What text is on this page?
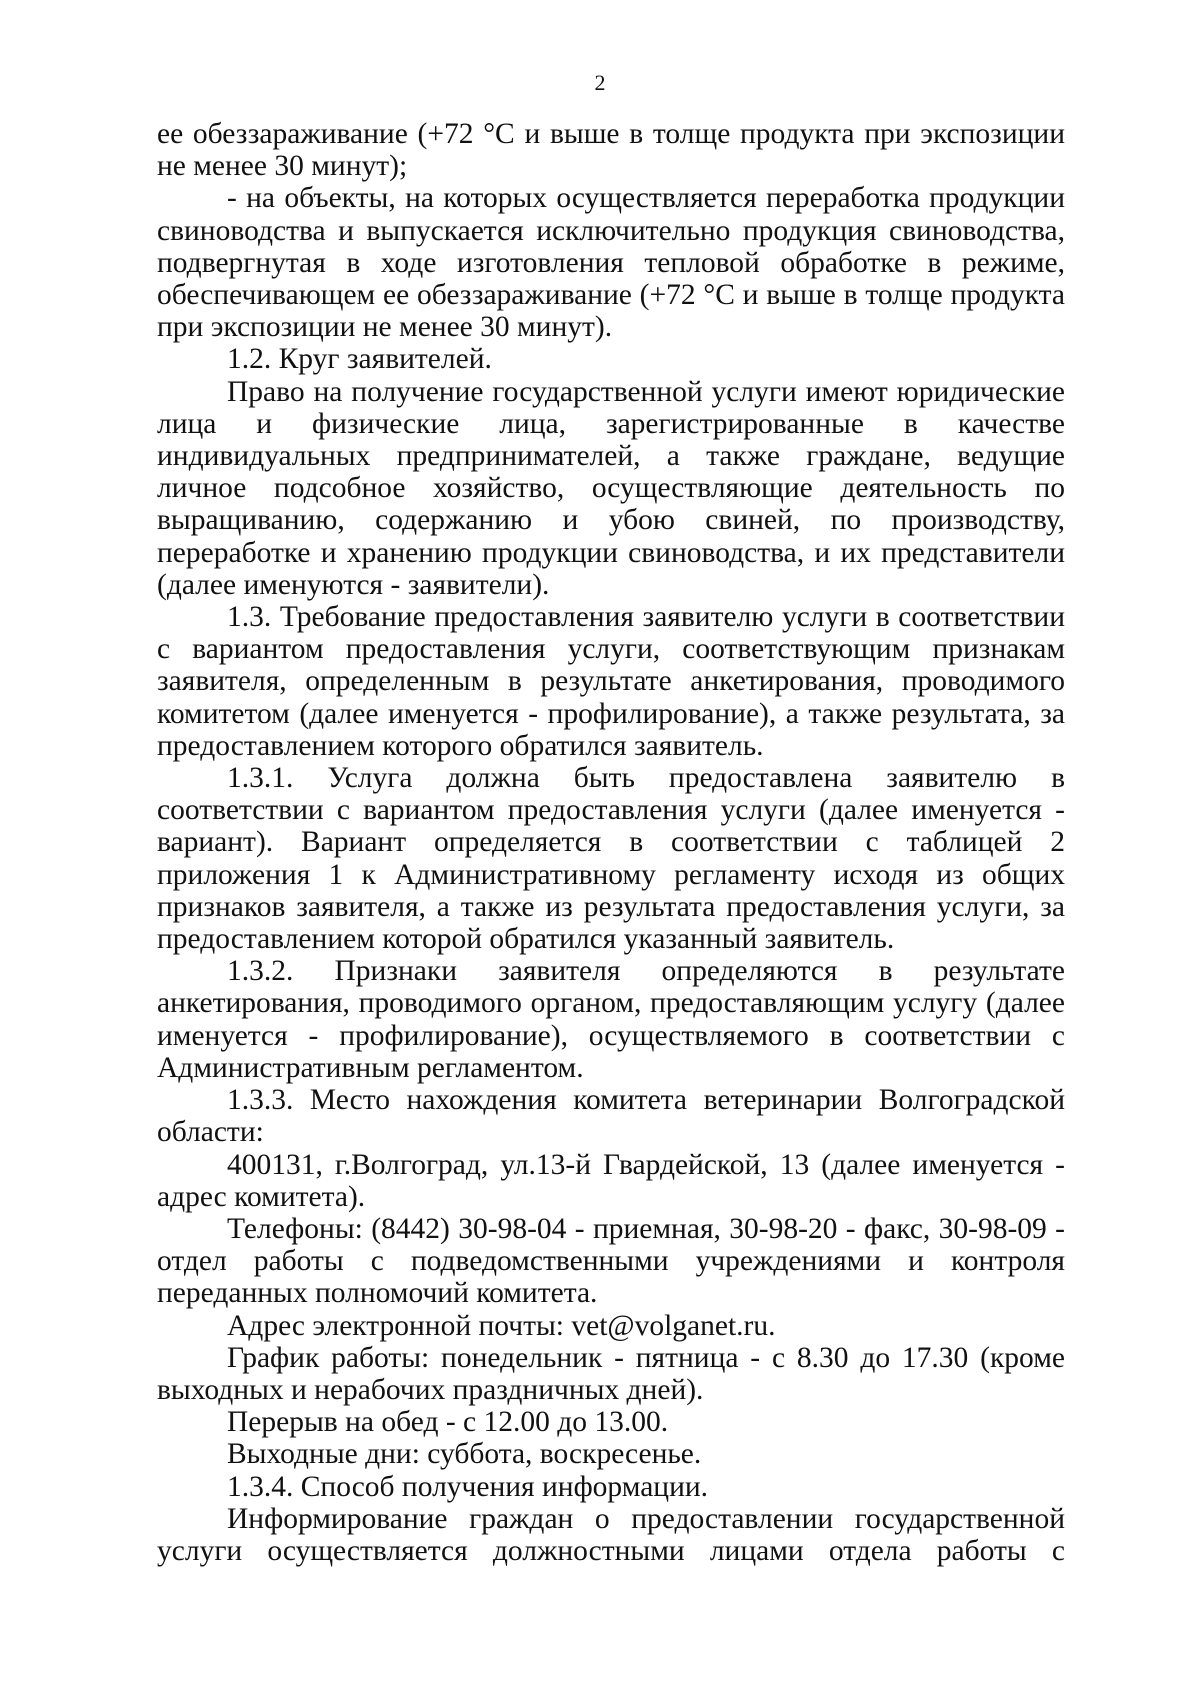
2

ее обеззараживание (+72 °С и выше в толще продукта при экспозиции не менее 30 минут);

- на объекты, на которых осуществляется переработка продукции свиноводства и выпускается исключительно продукция свиноводства, подвергнутая в ходе изготовления тепловой обработке в режиме, обеспечивающем ее обеззараживание (+72 °С и выше в толще продукта при экспозиции не менее 30 минут).

1.2. Круг заявителей.

Право на получение государственной услуги имеют юридические лица и физические лица, зарегистрированные в качестве индивидуальных предпринимателей, а также граждане, ведущие личное подсобное хозяйство, осуществляющие деятельность по выращиванию, содержанию и убою свиней, по производству, переработке и хранению продукции свиноводства, и их представители (далее именуются - заявители).

1.3. Требование предоставления заявителю услуги в соответствии с вариантом предоставления услуги, соответствующим признакам заявителя, определенным в результате анкетирования, проводимого комитетом (далее именуется - профилирование), а также результата, за предоставлением которого обратился заявитель.

1.3.1. Услуга должна быть предоставлена заявителю в соответствии с вариантом предоставления услуги (далее именуется - вариант). Вариант определяется в соответствии с таблицей 2 приложения 1 к Административному регламенту исходя из общих признаков заявителя, а также из результата предоставления услуги, за предоставлением которой обратился указанный заявитель.

1.3.2. Признаки заявителя определяются в результате анкетирования, проводимого органом, предоставляющим услугу (далее именуется - профилирование), осуществляемого в соответствии с Административным регламентом.

1.3.3. Место нахождения комитета ветеринарии Волгоградской области:

400131, г.Волгоград, ул.13-й Гвардейской, 13 (далее именуется - адрес комитета).

Телефоны: (8442) 30-98-04 - приемная, 30-98-20 - факс, 30-98-09 - отдел работы с подведомственными учреждениями и контроля переданных полномочий комитета.

Адрес электронной почты: vet@volganet.ru.

График работы: понедельник - пятница - с 8.30 до 17.30 (кроме выходных и нерабочих праздничных дней).

Перерыв на обед - с 12.00 до 13.00.

Выходные дни: суббота, воскресенье.

1.3.4. Способ получения информации.

Информирование граждан о предоставлении государственной услуги осуществляется должностными лицами отдела работы с
